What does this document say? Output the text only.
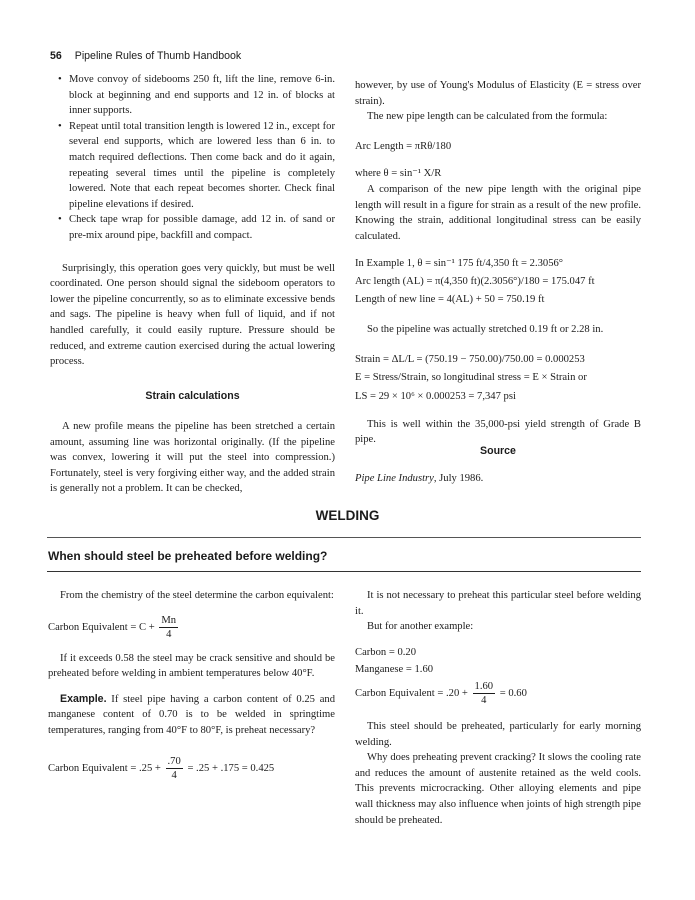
56 Pipeline Rules of Thumb Handbook
• Move convoy of sidebooms 250 ft, lift the line, remove 6-in. block at beginning and end supports and 12 in. of blocks at inner supports.
• Repeat until total transition length is lowered 12 in., except for several end supports, which are lowered less than 6 in. to match required deflections. Then come back and do it again, repeating several times until the pipeline is completely lowered. Note that each repeat becomes shorter. Check final pipeline elevations if desired.
• Check tape wrap for possible damage, add 12 in. of sand or pre-mix around pipe, backfill and compact.

Surprisingly, this operation goes very quickly, but must be well coordinated. One person should signal the sideboom operators to lower the pipeline concurrently, so as to eliminate excessive bends and sags. The pipeline is heavy when full of liquid, and if not handled carefully, it could easily rupture. Pressure should be reduced, and extreme caution exercised during the actual lowering process.

Strain calculations

A new profile means the pipeline has been stretched a certain amount, assuming line was horizontal originally. (If the pipeline was convex, lowering it will put the steel into compression.) Fortunately, steel is very forgiving either way, and the added strain is generally not a problem. It can be checked,

however, by use of Young's Modulus of Elasticity (E = stress over strain).

The new pipe length can be calculated from the formula:

Arc Length = πRθ/180

where θ = sin⁻¹ X/R

A comparison of the new pipe length with the original pipe length will result in a figure for strain as a result of the new profile. Knowing the strain, additional longitudinal stress can be easily calculated.

In Example 1, θ = sin⁻¹ 175 ft/4,350 ft = 2.3056°

Arc length (AL) = π(4,350 ft)(2.3056°)/180 = 175.047 ft

Length of new line = 4(AL) + 50 = 750.19 ft

So the pipeline was actually stretched 0.19 ft or 2.28 in.

Strain = ΔL/L = (750.19 − 750.00)/750.00 = 0.000253

E = Stress/Strain, so longitudinal stress = E × Strain or

LS = 29 × 10⁶ × 0.000253 = 7,347 psi

This is well within the 35,000-psi yield strength of Grade B pipe.

Source
Pipe Line Industry, July 1986.
WELDING
When should steel be preheated before welding?

From the chemistry of the steel determine the carbon equivalent:

Carbon Equivalent = $C + \frac{Mn}{4}$

If it exceeds 0.58 the steel may be crack sensitive and should be preheated before welding in ambient temperatures below 40°F.

Example. If steel pipe having a carbon content of 0.25 and manganese content of 0.70 is to be welded in springtime temperatures, ranging from 40°F to 80°F, is preheat necessary?

Carbon Equivalent = $.25 + \frac{.70}{4} = .25 + .175 = 0.425$

It is not necessary to preheat this particular steel before welding it.

But for another example:

Carbon = 0.20

Manganese = 1.60

Carbon Equivalent = $.20 + \frac{1.60}{4} = 0.60$

This steel should be preheated, particularly for early morning welding.

Why does preheating prevent cracking? It slows the cooling rate and reduces the amount of austenite retained as the weld cools. This prevents microcracking. Other alloying elements and pipe wall thickness may also influence when joints of high strength pipe should be preheated.
